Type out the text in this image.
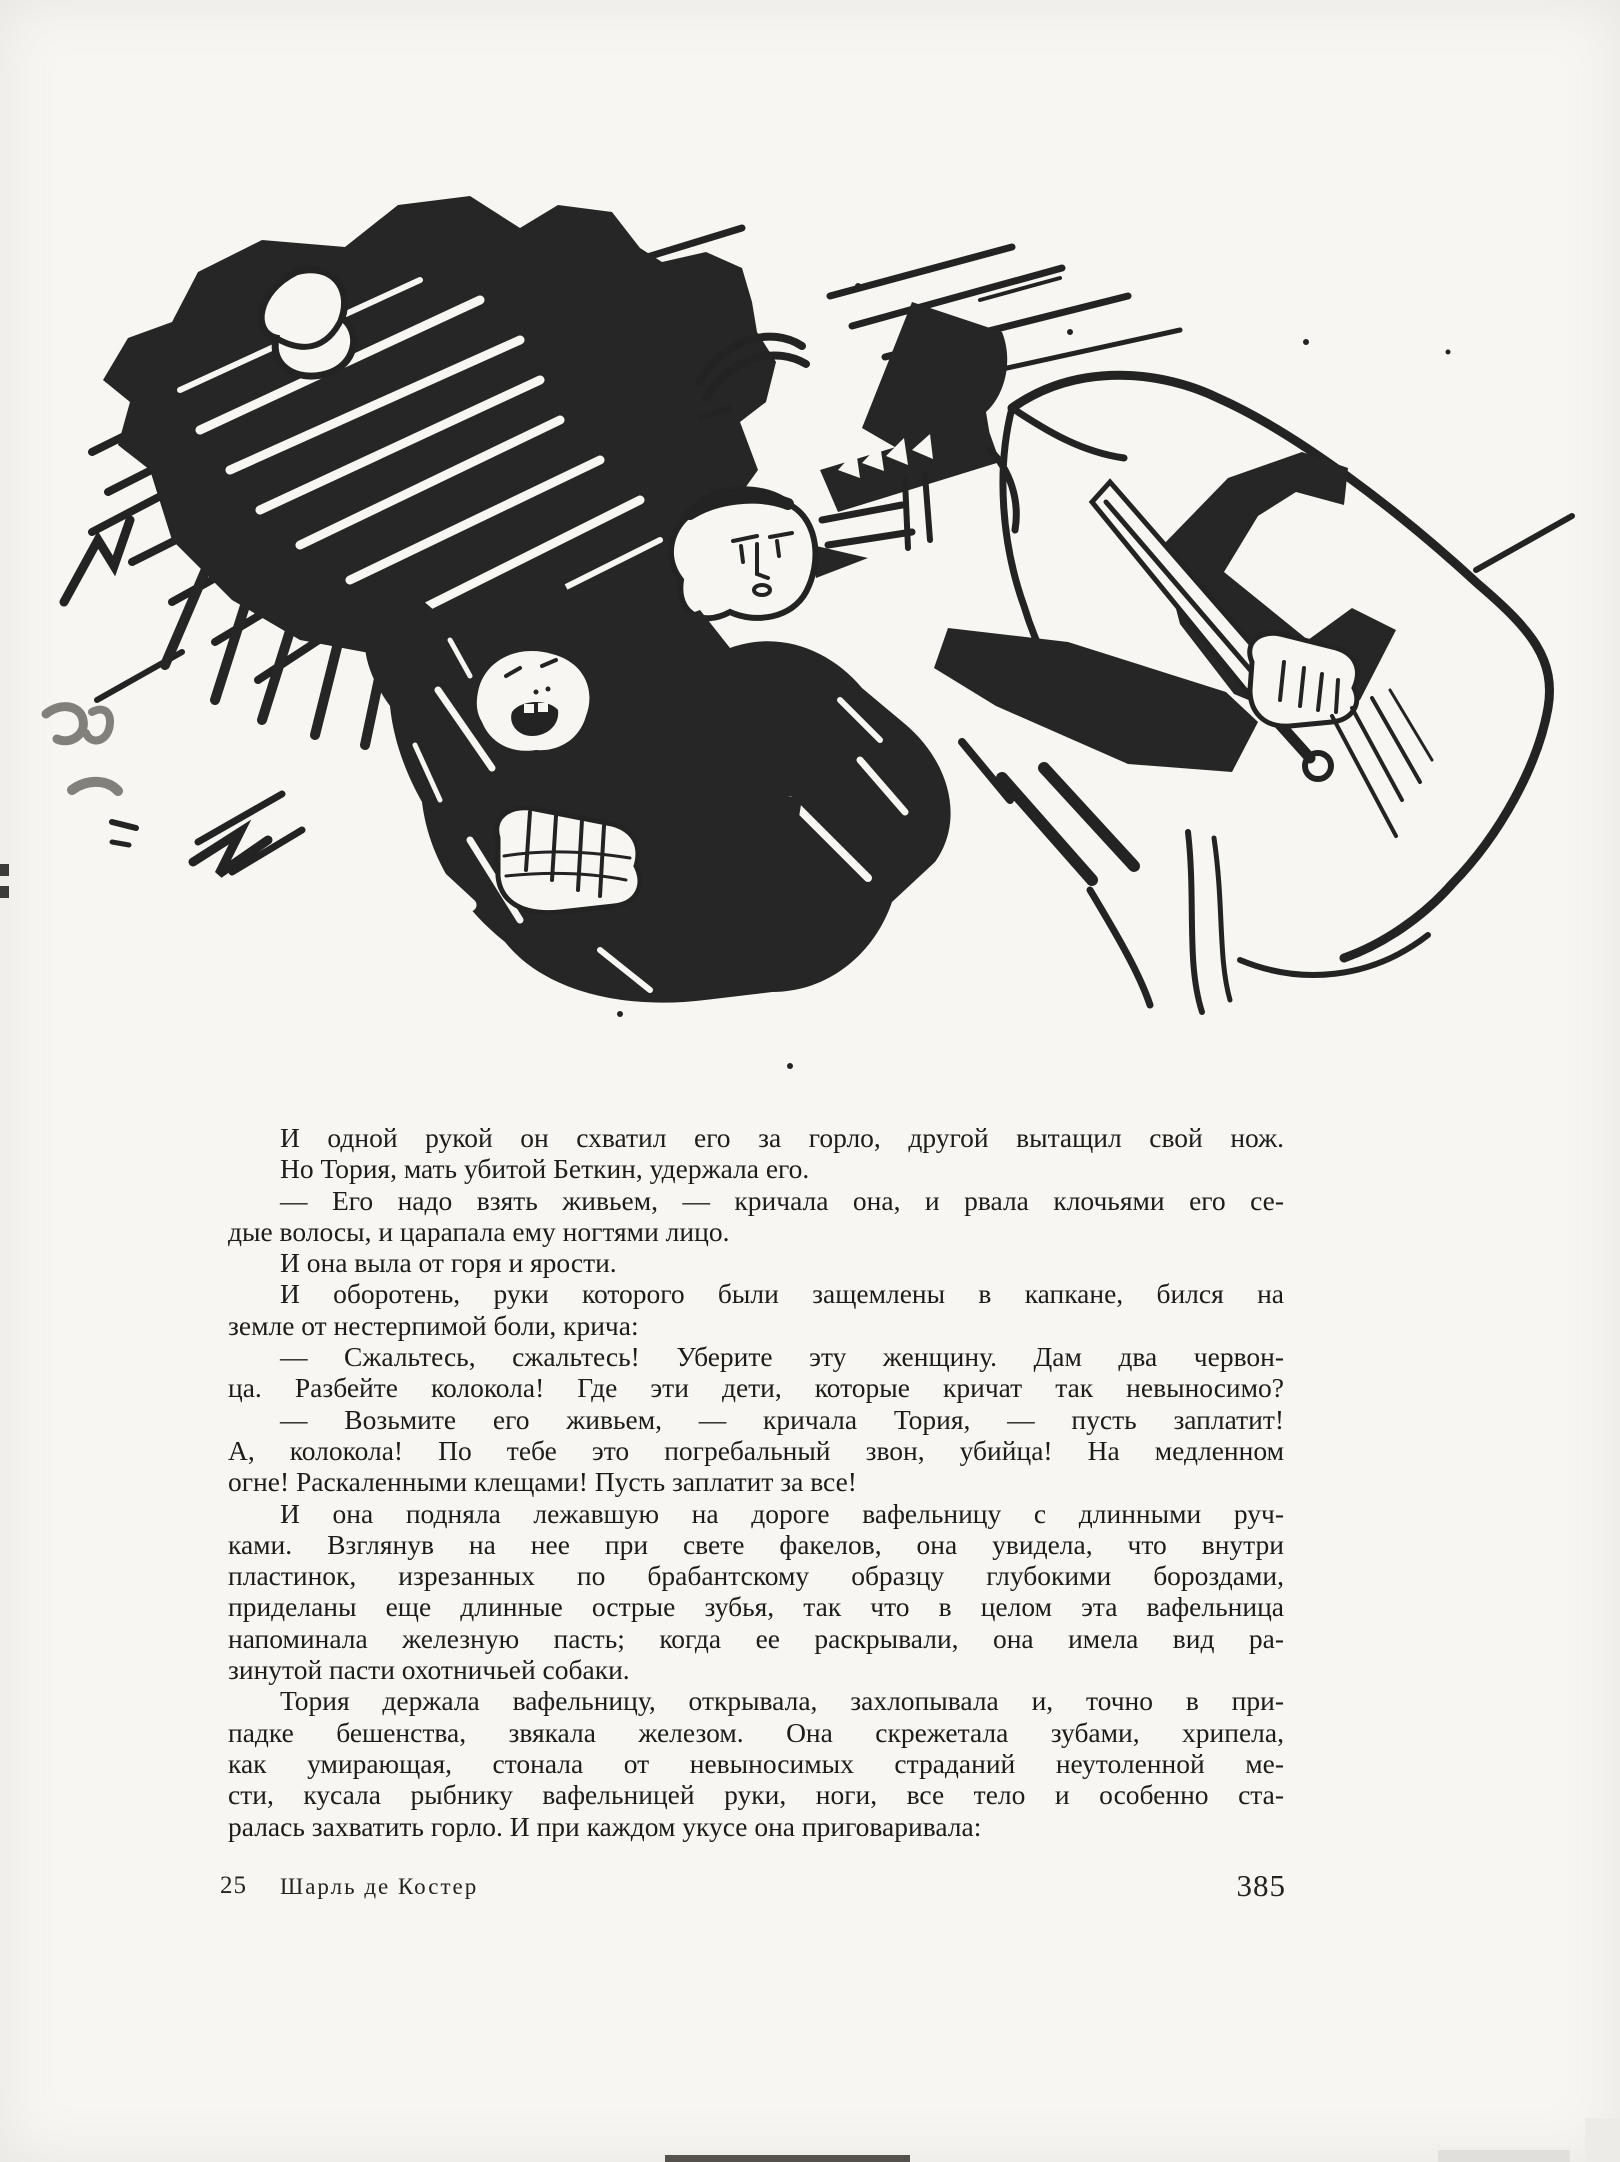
И одной рукой он схватил его за горло, другой вытащил свой нож.
Но Тория, мать убитой Беткин, удержала его.
— Его надо взять живьем, — кричала она, и рвала клочьями его се-
дые волосы, и царапала ему ногтями лицо.
И она выла от горя и ярости.
И оборотень, руки которого были защемлены в капкане, бился на
земле от нестерпимой боли, крича:
— Сжальтесь, сжальтесь! Уберите эту женщину. Дам два червон-
ца. Разбейте колокола! Где эти дети, которые кричат так невыносимо?
— Возьмите его живьем, — кричала Тория, — пусть заплатит!
А, колокола! По тебе это погребальный звон, убийца! На медленном
огне! Раскаленными клещами! Пусть заплатит за все!
И она подняла лежавшую на дороге вафельницу с длинными руч-
ками. Взглянув на нее при свете факелов, она увидела, что внутри
пластинок, изрезанных по брабантскому образцу глубокими бороздами,
приделаны еще длинные острые зубья, так что в целом эта вафельница
напоминала железную пасть; когда ее раскрывали, она имела вид ра-
зинутой пасти охотничьей собаки.
Тория держала вафельницу, открывала, захлопывала и, точно в при-
падке бешенства, звякала железом. Она скрежетала зубами, хрипела,
как умирающая, стонала от невыносимых страданий неутоленной ме-
сти, кусала рыбнику вафельницей руки, ноги, все тело и особенно ста-
ралась захватить горло. И при каждом укусе она приговаривала:
25 Шарль де Костер	385
